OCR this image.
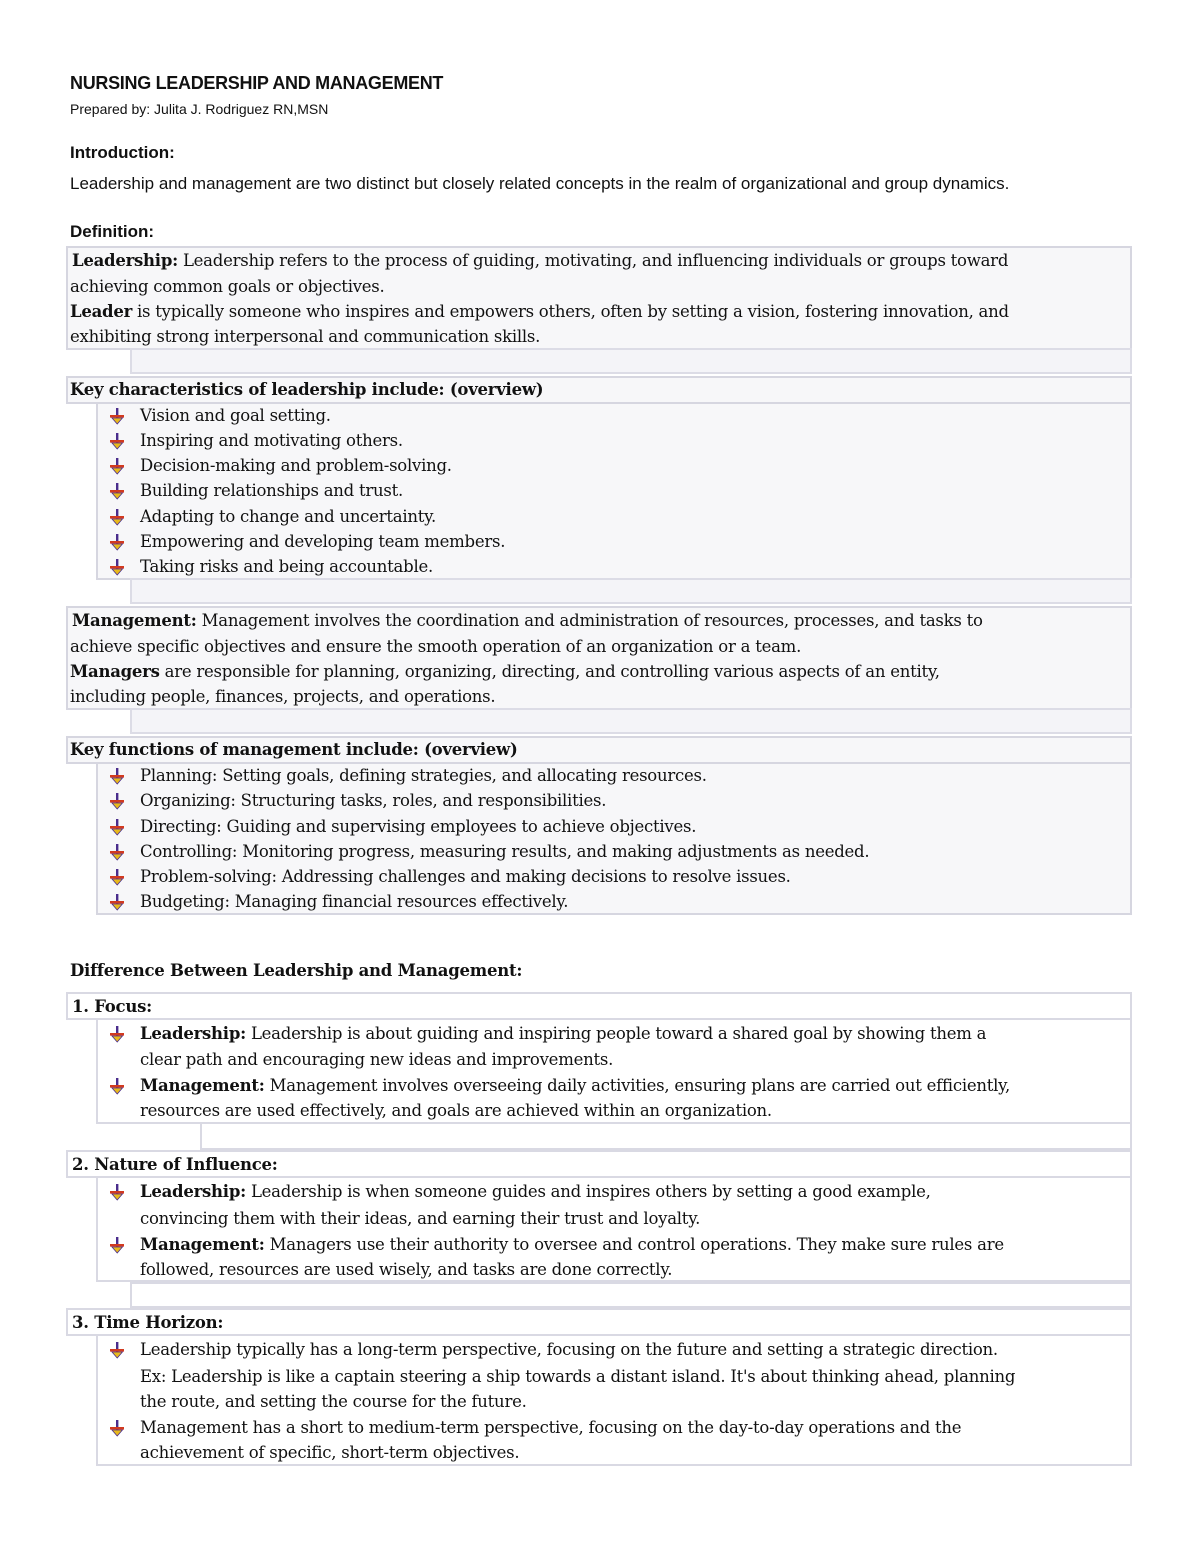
NURSING LEADERSHIP AND MANAGEMENT
Prepared by: Julita J. Rodriguez RN,MSN
Introduction:
Leadership and management are two distinct but closely related concepts in the realm of organizational and group dynamics.
Definition:
Leadership: Leadership refers to the process of guiding, motivating, and influencing individuals or groups toward
achieving common goals or objectives.
Leader is typically someone who inspires and empowers others, often by setting a vision, fostering innovation, and
exhibiting strong interpersonal and communication skills.
Key characteristics of leadership include: (overview)
Vision and goal setting.
Inspiring and motivating others.
Decision-making and problem-solving.
Building relationships and trust.
Adapting to change and uncertainty.
Empowering and developing team members.
Taking risks and being accountable.
Management: Management involves the coordination and administration of resources, processes, and tasks to
achieve specific objectives and ensure the smooth operation of an organization or a team.
Managers are responsible for planning, organizing, directing, and controlling various aspects of an entity,
including people, finances, projects, and operations.
Key functions of management include: (overview)
Planning: Setting goals, defining strategies, and allocating resources.
Organizing: Structuring tasks, roles, and responsibilities.
Directing: Guiding and supervising employees to achieve objectives.
Controlling: Monitoring progress, measuring results, and making adjustments as needed.
Problem-solving: Addressing challenges and making decisions to resolve issues.
Budgeting: Managing financial resources effectively.
Difference Between Leadership and Management:
1. Focus:
Leadership: Leadership is about guiding and inspiring people toward a shared goal by showing them a
clear path and encouraging new ideas and improvements.
Management: Management involves overseeing daily activities, ensuring plans are carried out efficiently,
resources are used effectively, and goals are achieved within an organization.
2. Nature of Influence:
Leadership: Leadership is when someone guides and inspires others by setting a good example,
convincing them with their ideas, and earning their trust and loyalty.
Management: Managers use their authority to oversee and control operations. They make sure rules are
followed, resources are used wisely, and tasks are done correctly.
3. Time Horizon:
Leadership typically has a long-term perspective, focusing on the future and setting a strategic direction.
Ex: Leadership is like a captain steering a ship towards a distant island. It's about thinking ahead, planning
the route, and setting the course for the future.
Management has a short to medium-term perspective, focusing on the day-to-day operations and the
achievement of specific, short-term objectives.
